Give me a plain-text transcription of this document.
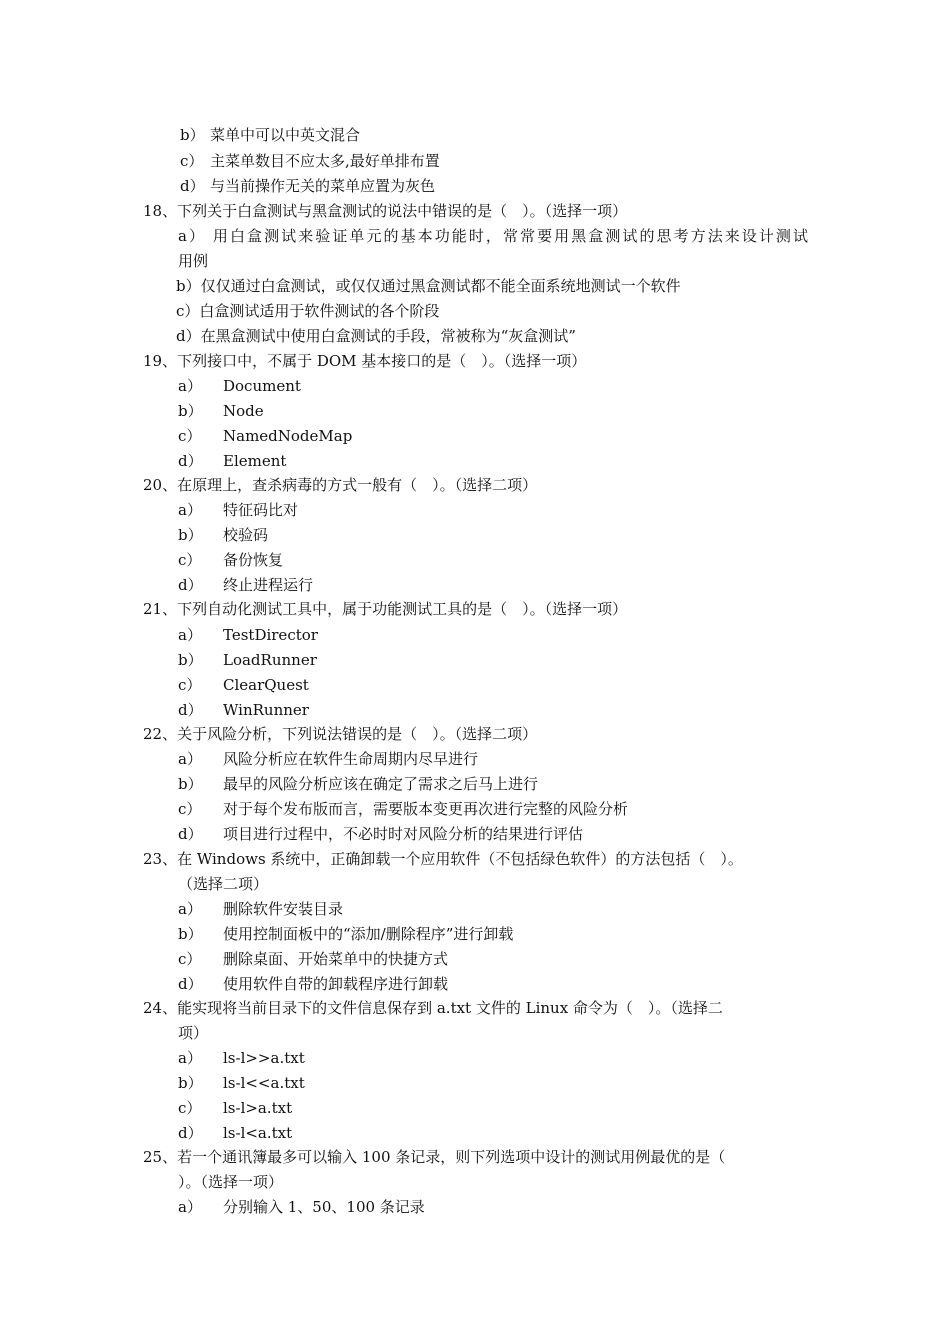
b） 菜单中可以中英文混合
c） 主菜单数目不应太多,最好单排布置
d） 与当前操作无关的菜单应置为灰色
18、下列关于白盒测试与黑盒测试的说法中错误的是（　）。（选择一项）
a） 用白盒测试来验证单元的基本功能时，常常要用黑盒测试的思考方法来设计测试
用例
b）仅仅通过白盒测试，或仅仅通过黑盒测试都不能全面系统地测试一个软件
c）白盒测试适用于软件测试的各个阶段
d）在黑盒测试中使用白盒测试的手段，常被称为“灰盒测试”
19、下列接口中，不属于 DOM 基本接口的是（　）。（选择一项）
a） Document
b） Node
c） NamedNodeMap
d） Element
20、在原理上，查杀病毒的方式一般有（　）。（选择二项）
a） 特征码比对
b） 校验码
c） 备份恢复
d） 终止进程运行
21、下列自动化测试工具中，属于功能测试工具的是（　）。（选择一项）
a） TestDirector
b） LoadRunner
c） ClearQuest
d） WinRunner
22、关于风险分析，下列说法错误的是（　）。（选择二项）
a） 风险分析应在软件生命周期内尽早进行
b） 最早的风险分析应该在确定了需求之后马上进行
c） 对于每个发布版而言，需要版本变更再次进行完整的风险分析
d） 项目进行过程中，不必时时对风险分析的结果进行评估
23、在 Windows 系统中，正确卸载一个应用软件（不包括绿色软件）的方法包括（　）。
（选择二项）
a） 删除软件安装目录
b） 使用控制面板中的“添加/删除程序”进行卸载
c） 删除桌面、开始菜单中的快捷方式
d） 使用软件自带的卸载程序进行卸载
24、能实现将当前目录下的文件信息保存到 a.txt 文件的 Linux 命令为（　）。（选择二
项）
a） ls-l>>a.txt
b） ls-l<<a.txt
c） ls-l>a.txt
d） ls-l<a.txt
25、若一个通讯簿最多可以输入 100 条记录，则下列选项中设计的测试用例最优的是（
）。（选择一项）
a） 分别输入 1、50、100 条记录
